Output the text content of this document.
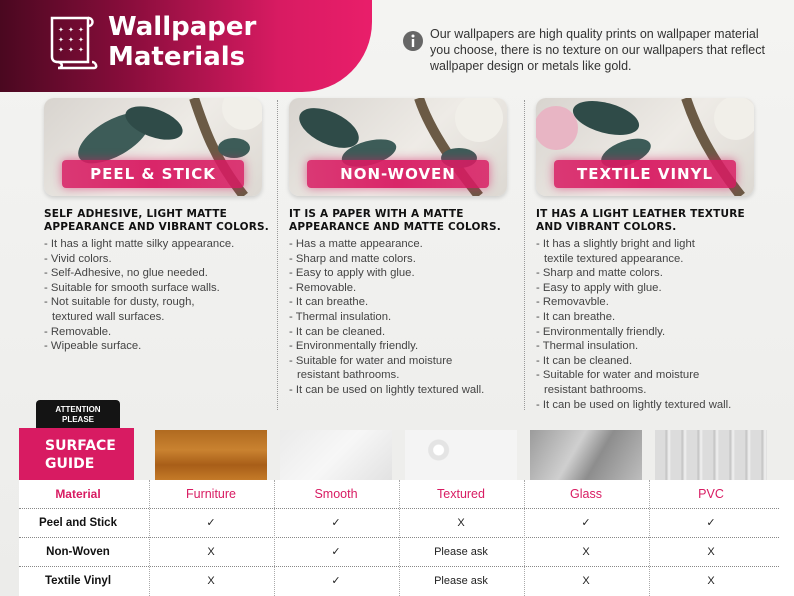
✦ ✦ ✦
✦ ✦ ✦
✦ ✦ ✦
Wallpaper
Materials
Our wallpapers are high quality prints on wallpaper material you choose, there is no texture on our wallpapers that reflect wallpaper design or metals like gold.
PEEL & STICK
SELF ADHESIVE, LIGHT MATTE APPEARANCE AND VIBRANT COLORS.
- It has a light matte silky appearance.
- Vivid colors.
- Self-Adhesive, no glue needed.
- Suitable for smooth surface walls.
- Not suitable for dusty, rough,
textured wall surfaces.
- Removable.
- Wipeable surface.
NON-WOVEN
IT IS A PAPER WITH A MATTE APPEARANCE AND MATTE COLORS.
- Has a matte appearance.
- Sharp and matte colors.
- Easy to apply with glue.
- Removable.
- It can breathe.
- Thermal insulation.
- It can be cleaned.
- Environmentally friendly.
- Suitable for water and moisture
resistant bathrooms.
- It can be used on lightly textured wall.
TEXTILE VINYL
IT HAS A LIGHT LEATHER TEXTURE AND VIBRANT COLORS.
- It has a slightly bright and light
textile textured appearance.
- Sharp and matte colors.
- Easy to apply with glue.
- Removavble.
- It can breathe.
- Environmentally friendly.
- Thermal insulation.
- It can be cleaned.
- Suitable for water and moisture
resistant bathrooms.
- It can be used on lightly textured wall.
ATTENTION
PLEASE
SURFACE
GUIDE
Material	Furniture	Smooth	Textured	Glass	PVC
Peel and Stick	✓	✓	X	✓	✓
Non-Woven	X	✓	Please ask	X	X
Textile Vinyl	X	✓	Please ask	X	X
